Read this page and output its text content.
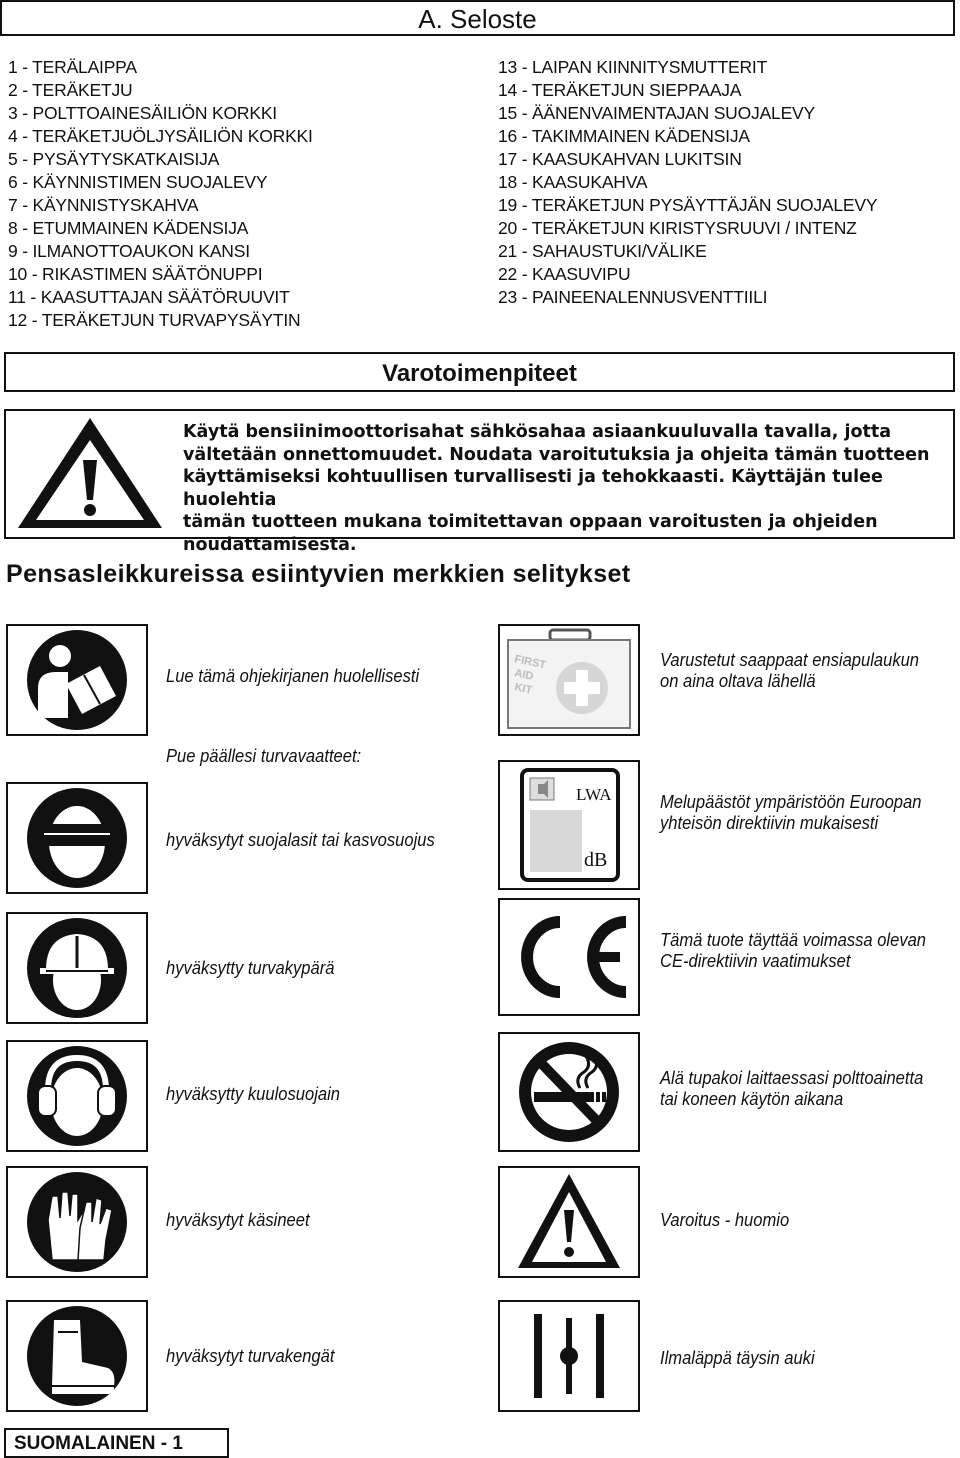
A. Seloste
1 - TERÄLAIPPA
2 - TERÄKETJU
3 - POLTTOAINESÄILIÖN KORKKI
4 - TERÄKETJUÖLJYSÄILIÖN KORKKI
5 - PYSÄYTYSKATKAISIJA
6 - KÄYNNISTIMEN SUOJALEVY
7 - KÄYNNISTYSKAHVA
8 - ETUMMAINEN KÄDENSIJA
9 - ILMANOTTOAUKON KANSI
10 - RIKASTIMEN SÄÄTÖNUPPI
11 - KAASUTTAJAN SÄÄTÖRUUVIT
12 - TERÄKETJUN TURVAPYSÄYTIN
13 - LAIPAN KIINNITYSMUTTERIT
14 - TERÄKETJUN SIEPPAAJA
15 - ÄÄNENVAIMENTAJAN SUOJALEVY
16 - TAKIMMAINEN KÄDENSIJA
17 - KAASUKAHVAN LUKITSIN
18 - KAASUKAHVA
19 - TERÄKETJUN PYSÄYTTÄJÄN SUOJALEVY
20 - TERÄKETJUN KIRISTYSRUUVI / INTENZ
21 - SAHAUSTUKI/VÄLIKE
22 - KAASUVIPU
23 - PAINEENALENNUSVENTTIILI
Varotoimenpiteet
Käytä bensiinimoottorisahat sähkösahaa asiaankuuluvalla tavalla, jotta
vältetään onnettomuudet. Noudata varoitutuksia ja ohjeita tämän tuotteen
käyttämiseksi kohtuullisen turvallisesti ja tehokkaasti. Käyttäjän tulee huolehtia
tämän tuotteen mukana toimitettavan oppaan varoitusten ja ohjeiden
noudattamisesta.
Pensasleikkureissa esiintyvien merkkien selitykset
Lue tämä ohjekirjanen huolellisesti
Pue päällesi turvavaatteet:
hyväksytyt suojalasit tai kasvosuojus
hyväksytty turvakypärä
hyväksytty kuulosuojain
hyväksytyt käsineet
hyväksytyt turvakengät
FIRST
AID
KIT
Varustetut saappaat ensiapulaukun
on aina oltava lähellä
LWA
dB
Melupäästöt ympäristöön Euroopan
yhteisön direktiivin mukaisesti
Tämä tuote täyttää voimassa olevan
CE-direktiivin vaatimukset
Alä tupakoi laittaessasi polttoainetta
tai koneen käytön aikana
Varoitus - huomio
Ilmaläppä täysin auki
SUOMALAINEN - 1
